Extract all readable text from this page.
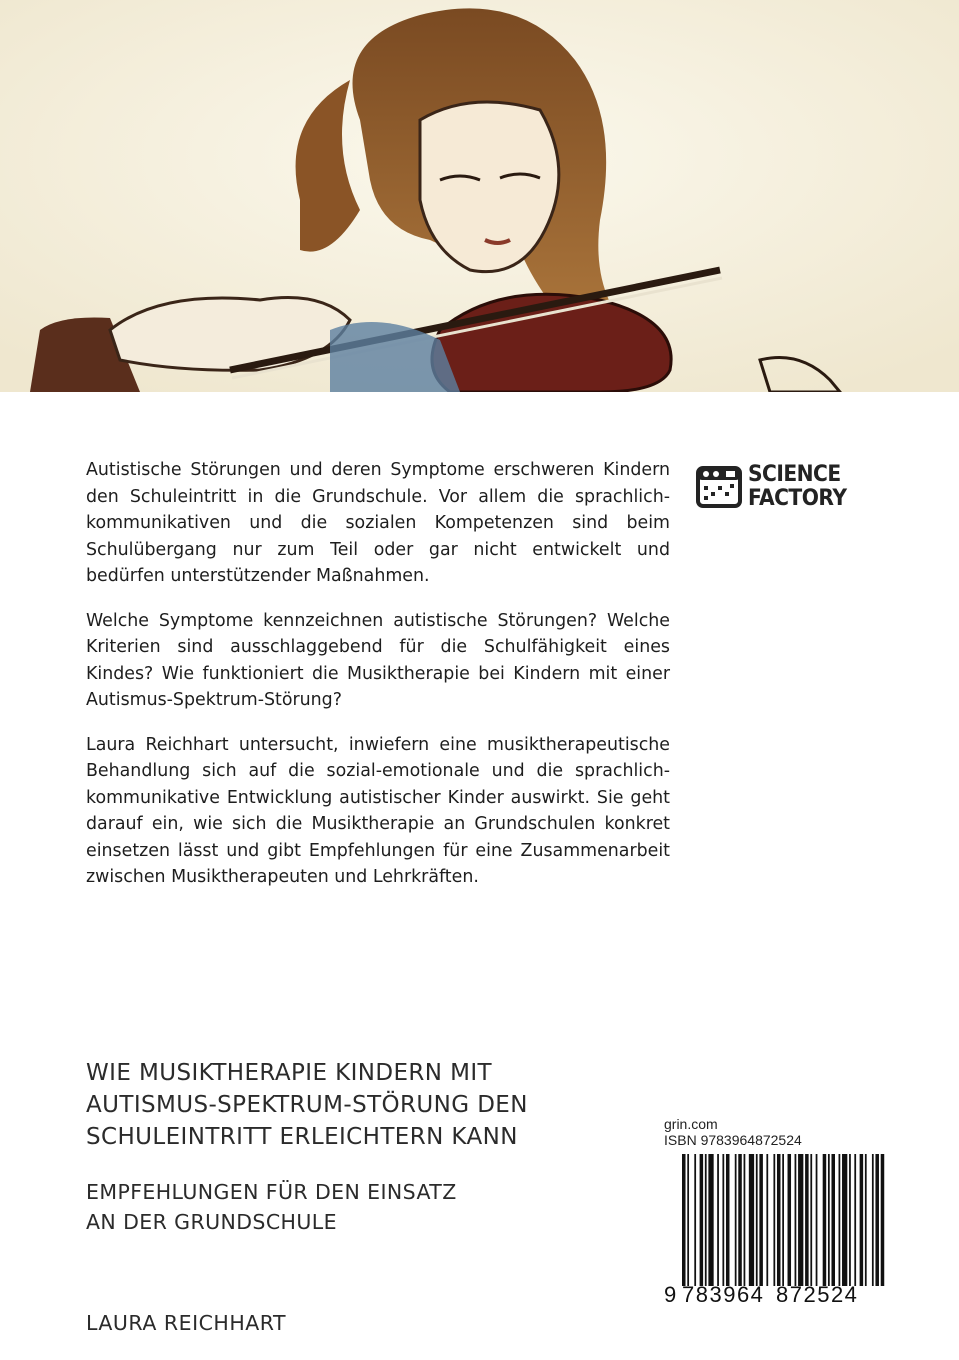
Autistische Störungen und deren Symptome erschweren Kindern den Schuleintritt in die Grundschule. Vor allem die sprachlich-kommunikativen und die sozialen Kompetenzen sind beim Schulübergang nur zum Teil oder gar nicht entwickelt und bedürfen unterstützender Maßnahmen.

Welche Symptome kennzeichnen autistische Störungen? Welche Kriterien sind ausschlaggebend für die Schulfähigkeit eines Kindes? Wie funktioniert die Musiktherapie bei Kindern mit einer Autismus-Spektrum-Störung?

Laura Reichhart untersucht, inwiefern eine musiktherapeutische Behandlung sich auf die sozial-emotionale und die sprachlich-kommunikative Entwicklung autistischer Kinder auswirkt. Sie geht darauf ein, wie sich die Musiktherapie an Grundschulen konkret einsetzen lässt und gibt Empfehlungen für eine Zusammenarbeit zwischen Musiktherapeuten und Lehrkräften.

SCIENCE
FACTORY
WIE MUSIKTHERAPIE KINDERN MIT
AUTISMUS-SPEKTRUM-STÖRUNG DEN
SCHULEINTRITT ERLEICHTERN KANN
EMPFEHLUNGEN FÜR DEN EINSATZ
AN DER GRUNDSCHULE
LAURA REICHHART
grin.com
ISBN 9783964872524
9 783964 872524
